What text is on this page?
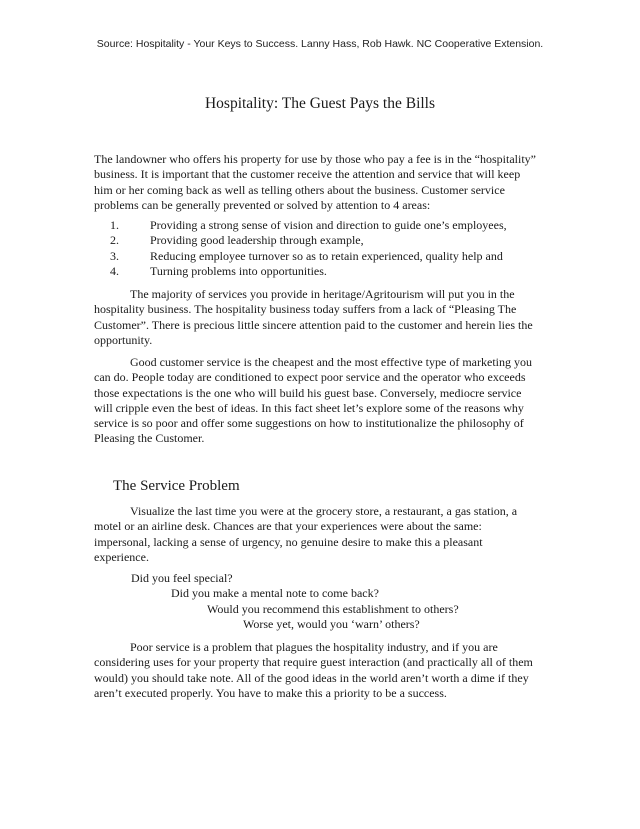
Source: Hospitality - Your Keys to Success. Lanny Hass, Rob Hawk. NC Cooperative Extension.
Hospitality: The Guest Pays the Bills

The landowner who offers his property for use by those who pay a fee is in the “hospitality” business. It is important that the customer receive the attention and service that will keep him or her coming back as well as telling others about the business. Customer service problems can be generally prevented or solved by attention to 4 areas:

1.	Providing a strong sense of vision and direction to guide one’s employees,
2.	Providing good leadership through example,
3.	Reducing employee turnover so as to retain experienced, quality help and
4.	Turning problems into opportunities.

The majority of services you provide in heritage/Agritourism will put you in the hospitality business. The hospitality business today suffers from a lack of “Pleasing The Customer”. There is precious little sincere attention paid to the customer and herein lies the opportunity.

Good customer service is the cheapest and the most effective type of marketing you can do. People today are conditioned to expect poor service and the operator who exceeds those expectations is the one who will build his guest base. Conversely, mediocre service will cripple even the best of ideas. In this fact sheet let’s explore some of the reasons why service is so poor and offer some suggestions on how to institutionalize the philosophy of Pleasing the Customer.

The Service Problem

Visualize the last time you were at the grocery store, a restaurant, a gas station, a motel or an airline desk. Chances are that your experiences were about the same: impersonal, lacking a sense of urgency, no genuine desire to make this a pleasant experience.

Did you feel special?
Did you make a mental note to come back?
Would you recommend this establishment to others?
Worse yet, would you ‘warn’ others?

Poor service is a problem that plagues the hospitality industry, and if you are considering uses for your property that require guest interaction (and practically all of them would) you should take note. All of the good ideas in the world aren’t worth a dime if they aren’t executed properly. You have to make this a priority to be a success.
